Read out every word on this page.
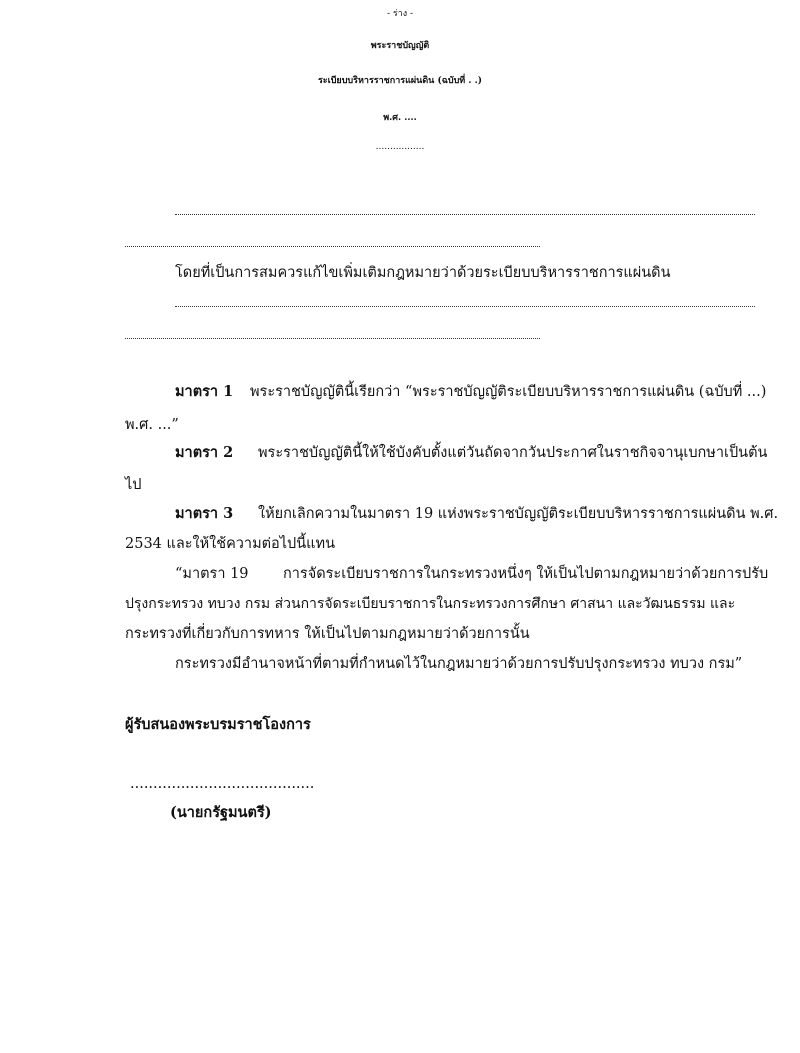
- ร่าง -
พระราชบัญญัติ
ระเบียบบริหารราชการแผ่นดิน (ฉบับที่ . .)
พ.ศ. ....
.................
โดยที่เป็นการสมควรแก้ไขเพิ่มเติมกฎหมายว่าด้วยระเบียบบริหารราชการแผ่นดิน
มาตรา 1 พระราชบัญญัตินี้เรียกว่า “พระราชบัญญัติระเบียบบริหารราชการแผ่นดิน (ฉบับที่ ...)
พ.ศ. ...”
มาตรา 2 พระราชบัญญัตินี้ให้ใช้บังคับตั้งแต่วันถัดจากวันประกาศในราชกิจจานุเบกษาเป็นต้น
ไป
มาตรา 3 ให้ยกเลิกความในมาตรา 19 แห่งพระราชบัญญัติระเบียบบริหารราชการแผ่นดิน พ.ศ.
2534 และให้ใช้ความต่อไปนี้แทน
“มาตรา 19 การจัดระเบียบราชการในกระทรวงหนึ่งๆ ให้เป็นไปตามกฎหมายว่าด้วยการปรับ
ปรุงกระทรวง ทบวง กรม ส่วนการจัดระเบียบราชการในกระทรวงการศึกษา ศาสนา และวัฒนธรรม และ
กระทรวงที่เกี่ยวกับการทหาร ให้เป็นไปตามกฎหมายว่าด้วยการนั้น
กระทรวงมีอำนาจหน้าที่ตามที่กำหนดไว้ในกฎหมายว่าด้วยการปรับปรุงกระทรวง ทบวง กรม”
ผู้รับสนองพระบรมราชโองการ
........................................
(นายกรัฐมนตรี)
